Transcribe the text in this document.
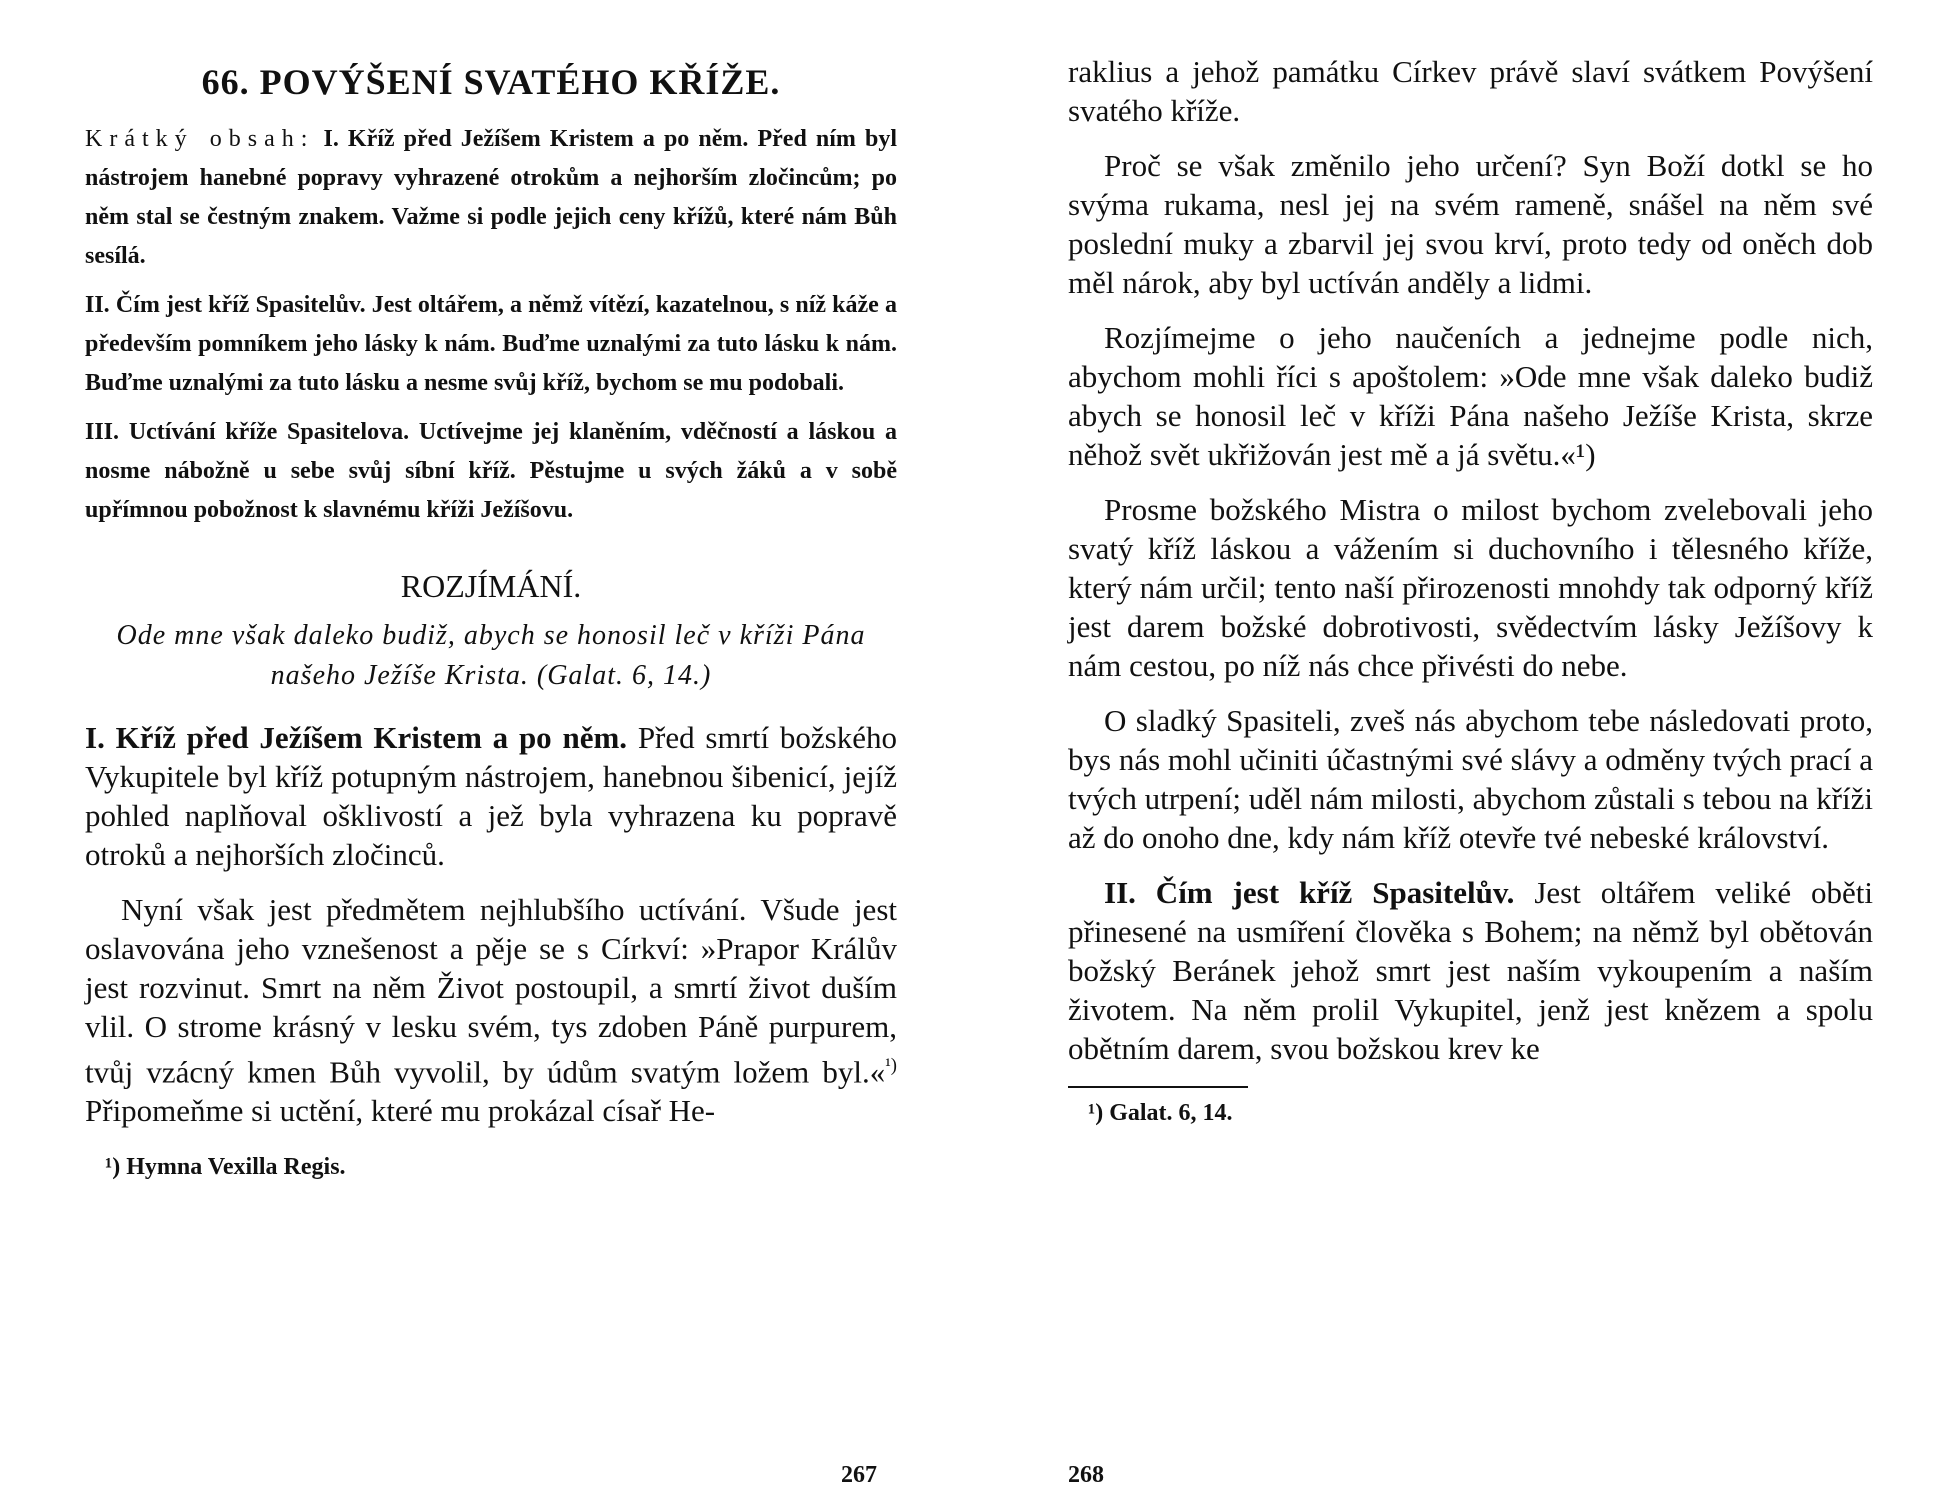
66. POVÝŠENÍ SVATÉHO KŘÍŽE.

Krátký obsah: I. Kříž před Ježíšem Kristem a po něm. Před ním byl nástrojem hanebné popravy vyhrazené otrokům a nejhorším zločincům; po něm stal se čestným znakem. Važme si podle jejich ceny křížů, které nám Bůh sesílá.

II. Čím jest kříž Spasitelův. Jest oltářem, a němž vítězí, kazatelnou, s níž káže a především pomníkem jeho lásky k nám. Buďme uznalými za tuto lásku k nám. Buďme uznalými za tuto lásku a nesme svůj kříž, bychom se mu podobali.

III. Uctívání kříže Spasitelova. Uctívejme jej klaněním, vděčností a láskou a nosme nábožně u sebe svůj síbní kříž. Pěstujme u svých žáků a v sobě upřímnou pobožnost k slavnému kříži Ježíšovu.

ROZJÍMÁNÍ.
Ode mne však daleko budiž, abych se honosil leč v kříži Pána našeho Ježíše Krista. (Galat. 6, 14.)

I. Kříž před Ježíšem Kristem a po něm. Před smrtí božského Vykupitele byl kříž potupným nástrojem, hanebnou šibenicí, jejíž pohled naplňoval ošklivostí a jež byla vyhrazena ku popravě otroků a nejhorších zločinců.

Nyní však jest předmětem nejhlubšího uctívání. Všude jest oslavována jeho vznešenost a pěje se s Církví: »Prapor Králův jest rozvinut. Smrt na něm Život postoupil, a smrtí život duším vlil. O strome krásný v lesku svém, tys zdoben Páně purpurem, tvůj vzácný kmen Bůh vyvolil, by údům svatým ložem byl.«$^{^1)}$ Připomeňme si uctění, které mu prokázal císař He-

¹) Hymna Vexilla Regis.
267

raklius a jehož památku Církev právě slaví svátkem Povýšení svatého kříže.

Proč se však změnilo jeho určení? Syn Boží dotkl se ho svýma rukama, nesl jej na svém rameně, snášel na něm své poslední muky a zbarvil jej svou krví, proto tedy od oněch dob měl nárok, aby byl uctíván anděly a lidmi.

Rozjímejme o jeho naučeních a jednejme podle nich, abychom mohli říci s apoštolem: »Ode mne však daleko budiž abych se honosil leč v kříži Pána našeho Ježíše Krista, skrze něhož svět ukřižován jest mě a já světu.«¹)

Prosme božského Mistra o milost bychom zvelebovali jeho svatý kříž láskou a vážením si duchovního i tělesného kříže, který nám určil; tento naší přirozenosti mnohdy tak odporný kříž jest darem božské dobrotivosti, svědectvím lásky Ježíšovy k nám cestou, po níž nás chce přivésti do nebe.

O sladký Spasiteli, zveš nás abychom tebe následovati proto, bys nás mohl učiniti účastnými své slávy a odměny tvých prací a tvých utrpení; uděl nám milosti, abychom zůstali s tebou na kříži až do onoho dne, kdy nám kříž otevře tvé nebeské království.

II. Čím jest kříž Spasitelův. Jest oltářem veliké oběti přinesené na usmíření člověka s Bohem; na němž byl obětován božský Beránek jehož smrt jest naším vykoupením a naším životem. Na něm prolil Vykupitel, jenž jest knězem a spolu obětním darem, svou božskou krev ke

¹) Galat. 6, 14.
268
